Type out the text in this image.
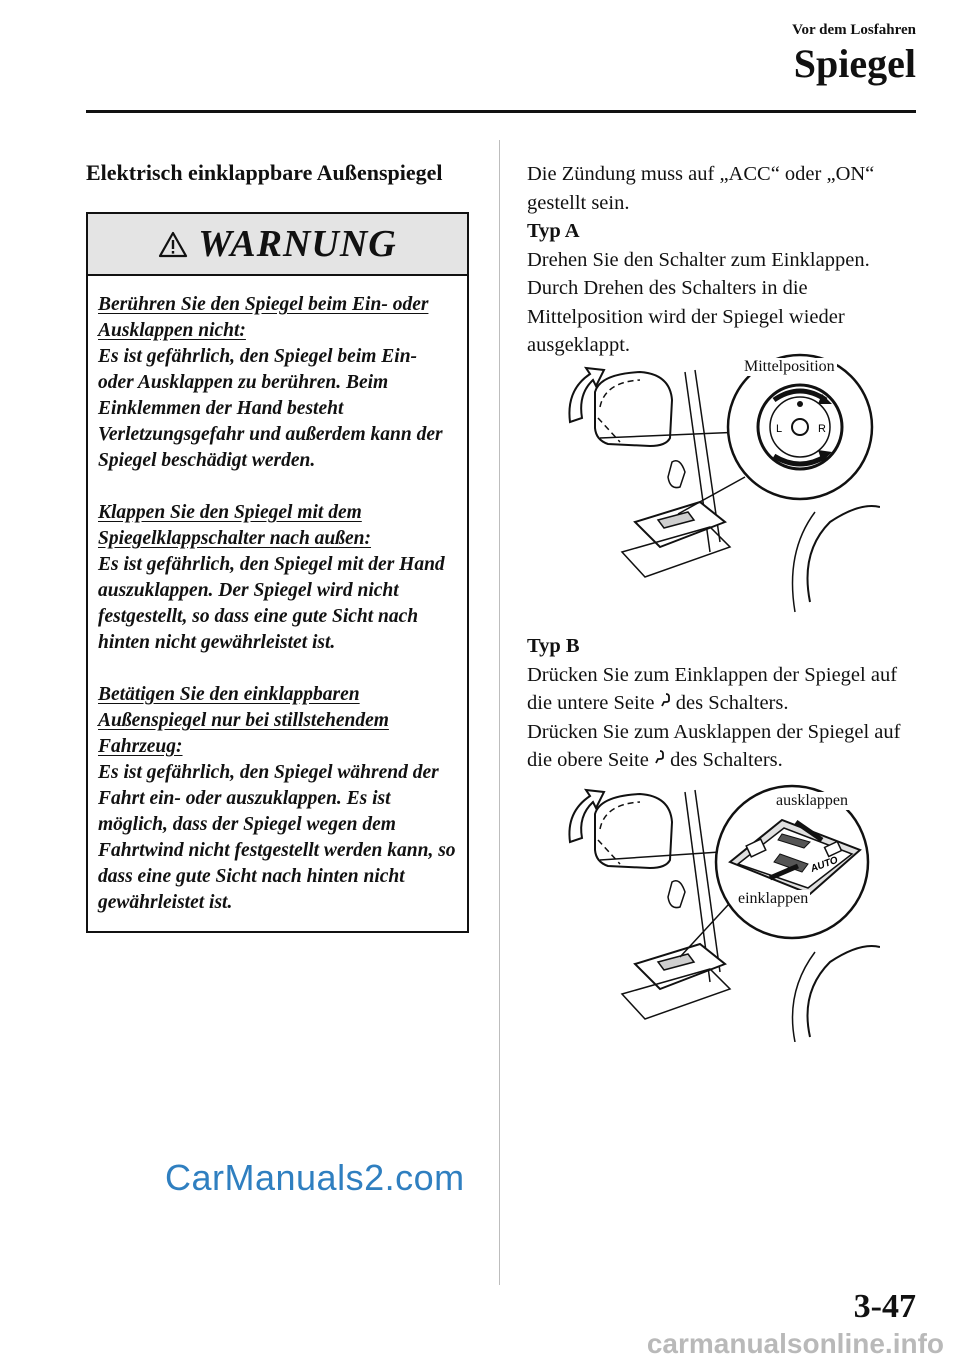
Vor dem Losfahren
Spiegel
Elektrisch einklappbare Außenspiegel
WARNUNG
Berühren Sie den Spiegel beim Ein- oder Ausklappen nicht:
Es ist gefährlich, den Spiegel beim Ein- oder Ausklappen zu berühren. Beim Einklemmen der Hand besteht Verletzungsgefahr und außerdem kann der Spiegel beschädigt werden.
Klappen Sie den Spiegel mit dem Spiegelklappschalter nach außen:
Es ist gefährlich, den Spiegel mit der Hand auszuklappen. Der Spiegel wird nicht festgestellt, so dass eine gute Sicht nach hinten nicht gewährleistet ist.
Betätigen Sie den einklappbaren Außenspiegel nur bei stillstehendem Fahrzeug:
Es ist gefährlich, den Spiegel während der Fahrt ein- oder auszuklappen. Es ist möglich, dass der Spiegel wegen dem Fahrtwind nicht festgestellt werden kann, so dass eine gute Sicht nach hinten nicht gewährleistet ist.

Die Zündung muss auf „ACC“ oder „ON“ gestellt sein.

Typ A

Drehen Sie den Schalter zum Einklappen. Durch Drehen des Schalters in die Mittelposition wird der Spiegel wieder ausgeklappt.

L	R
Mittelposition

Typ B

Drücken Sie zum Einklappen der Spiegel auf die untere Seite des Schalters.

Drücken Sie zum Ausklappen der Spiegel auf die obere Seite des Schalters.

AUTO
ausklappen
einklappen
CarManuals2.com
3-47
carmanualsonline.info
